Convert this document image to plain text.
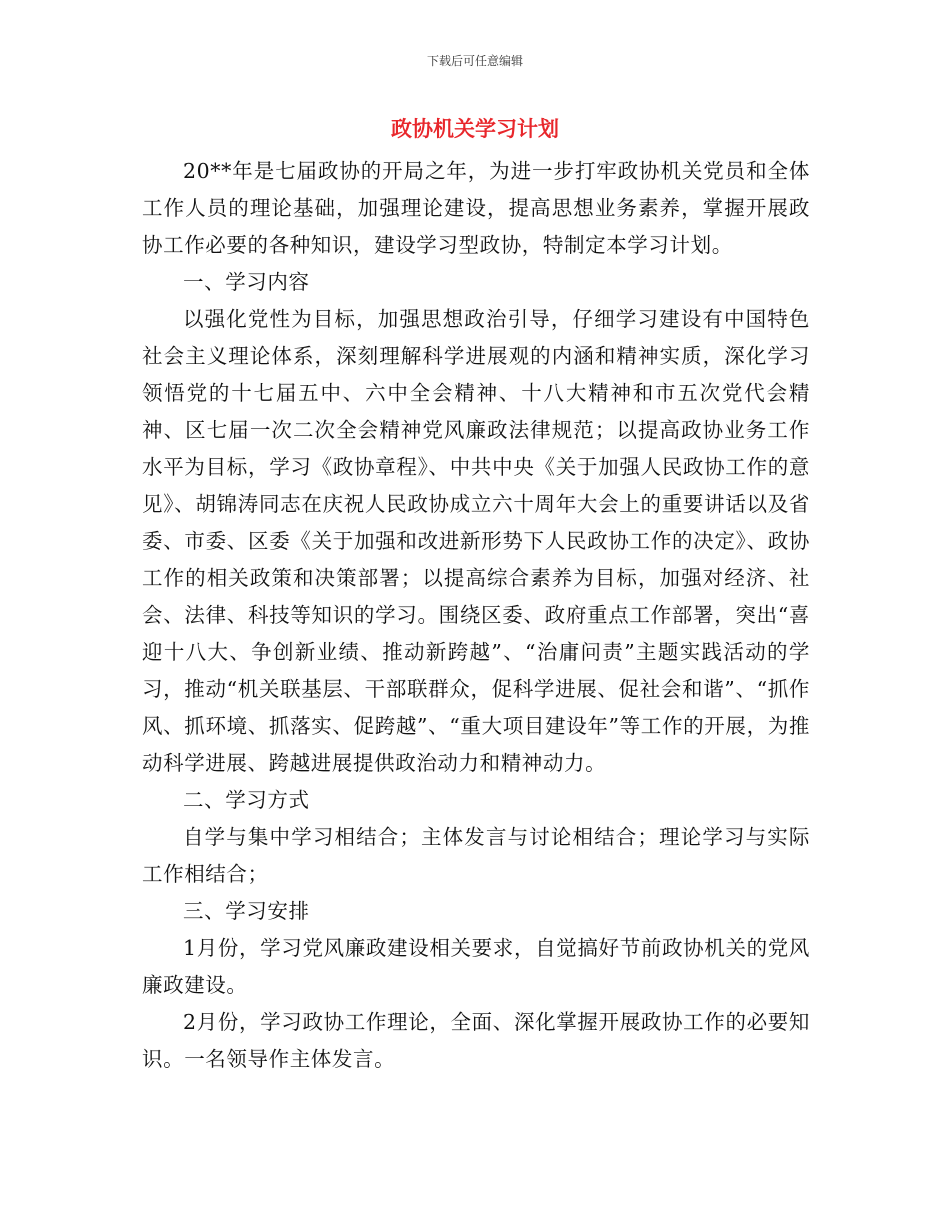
下载后可任意编辑
政协机关学习计划

20**年是七届政协的开局之年，为进一步打牢政协机关党员和全体工作人员的理论基础，加强理论建设，提高思想业务素养，掌握开展政协工作必要的各种知识，建设学习型政协，特制定本学习计划。

一、学习内容

以强化党性为目标，加强思想政治引导，仔细学习建设有中国特色社会主义理论体系，深刻理解科学进展观的内涵和精神实质，深化学习领悟党的十七届五中、六中全会精神、十八大精神和市五次党代会精神、区七届一次二次全会精神党风廉政法律规范；以提高政协业务工作水平为目标，学习《政协章程》、中共中央《关于加强人民政协工作的意见》、胡锦涛同志在庆祝人民政协成立六十周年大会上的重要讲话以及省委、市委、区委《关于加强和改进新形势下人民政协工作的决定》、政协工作的相关政策和决策部署；以提高综合素养为目标，加强对经济、社会、法律、科技等知识的学习。围绕区委、政府重点工作部署，突出“喜迎十八大、争创新业绩、推动新跨越”、“治庸问责”主题实践活动的学习，推动“机关联基层、干部联群众，促科学进展、促社会和谐”、“抓作风、抓环境、抓落实、促跨越”、“重大项目建设年”等工作的开展，为推动科学进展、跨越进展提供政治动力和精神动力。

二、学习方式

自学与集中学习相结合；主体发言与讨论相结合；理论学习与实际工作相结合；

三、学习安排

1月份，学习党风廉政建设相关要求，自觉搞好节前政协机关的党风廉政建设。

2月份，学习政协工作理论，全面、深化掌握开展政协工作的必要知识。一名领导作主体发言。
